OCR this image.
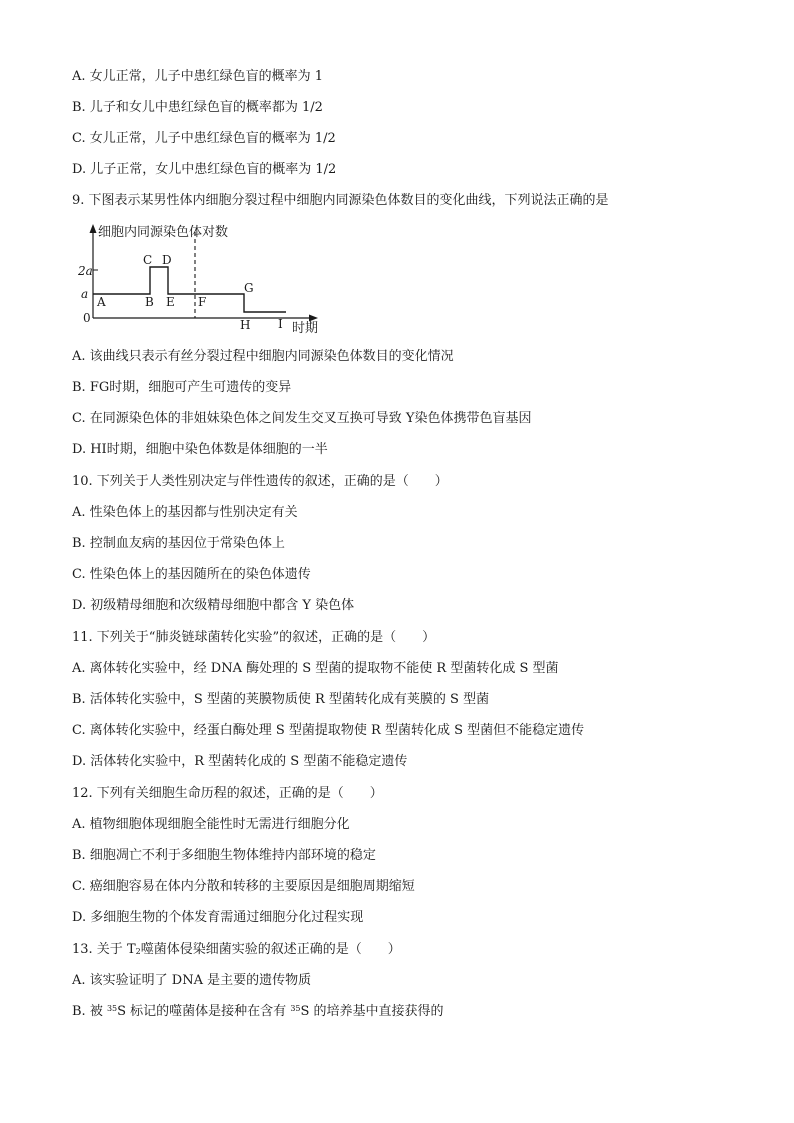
A. 女儿正常，儿子中患红绿色盲的概率为 1
B. 儿子和女儿中患红绿色盲的概率都为 1/2
C. 女儿正常，儿子中患红绿色盲的概率为 1/2
D. 儿子正常，女儿中患红绿色盲的概率为 1/2
9. 下图表示某男性体内细胞分裂过程中细胞内同源染色体数目的变化曲线，下列说法正确的是
细胞内同源染色体对数
时期
2a
a
0
A	B
C D
E F
G
H I
A. 该曲线只表示有丝分裂过程中细胞内同源染色体数目的变化情况
B. FG时期，细胞可产生可遗传的变异
C. 在同源染色体的非姐妹染色体之间发生交叉互换可导致 Y染色体携带色盲基因
D. HI时期，细胞中染色体数是体细胞的一半
10. 下列关于人类性别决定与伴性遗传的叙述，正确的是（　　）
A. 性染色体上的基因都与性别决定有关
B. 控制血友病的基因位于常染色体上
C. 性染色体上的基因随所在的染色体遗传
D. 初级精母细胞和次级精母细胞中都含 Y 染色体
11. 下列关于“肺炎链球菌转化实验”的叙述，正确的是（　　）
A. 离体转化实验中，经 DNA 酶处理的 S 型菌的提取物不能使 R 型菌转化成 S 型菌
B. 活体转化实验中，S 型菌的荚膜物质使 R 型菌转化成有荚膜的 S 型菌
C. 离体转化实验中，经蛋白酶处理 S 型菌提取物使 R 型菌转化成 S 型菌但不能稳定遗传
D. 活体转化实验中，R 型菌转化成的 S 型菌不能稳定遗传
12. 下列有关细胞生命历程的叙述，正确的是（　　）
A. 植物细胞体现细胞全能性时无需进行细胞分化
B. 细胞凋亡不利于多细胞生物体维持内部环境的稳定
C. 癌细胞容易在体内分散和转移的主要原因是细胞周期缩短
D. 多细胞生物的个体发育需通过细胞分化过程实现
13. 关于 $T_2$噬菌体侵染细菌实验的叙述正确的是（　　）
A. 该实验证明了 DNA 是主要的遗传物质
B. 被 $^{35}$S 标记的噬菌体是接种在含有 $^{35}$S 的培养基中直接获得的
